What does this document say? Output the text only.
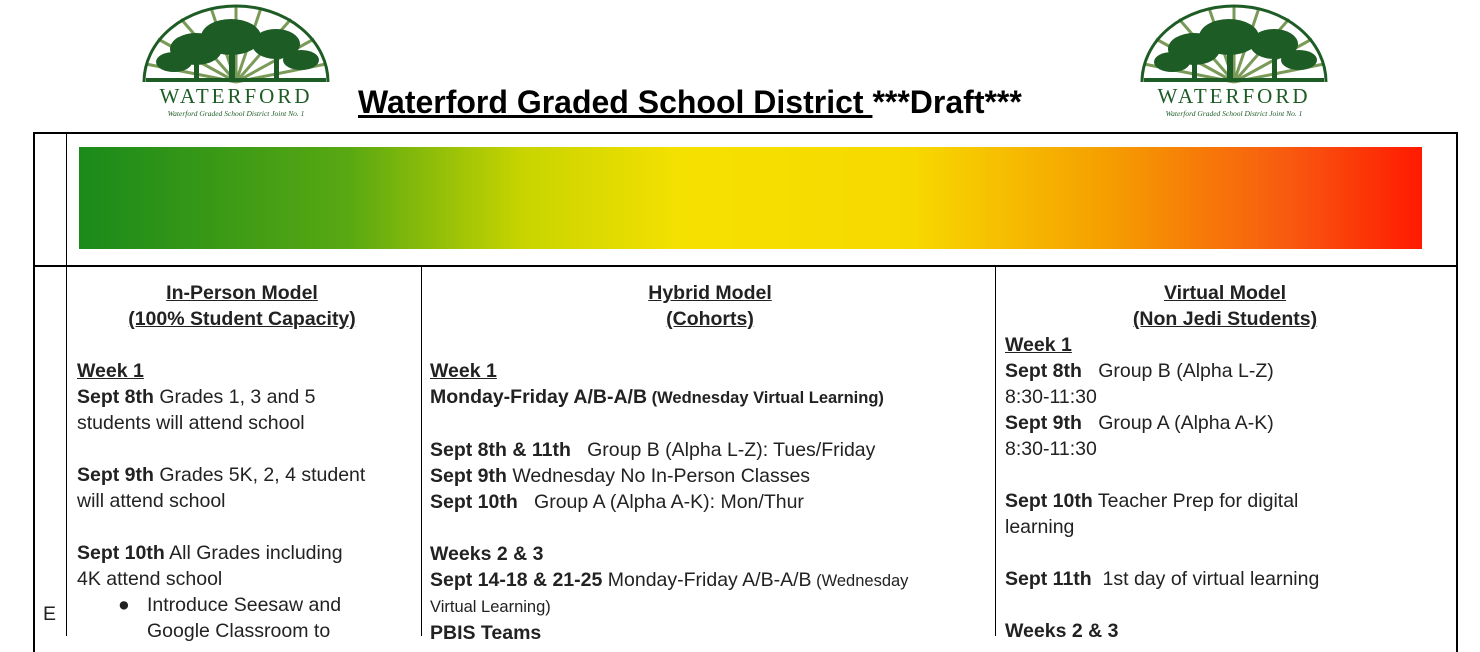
WATERFORD
Waterford Graded School District Joint No. 1
WATERFORD
Waterford Graded School District Joint No. 1
Waterford Graded School District ***Draft***
E
In-Person Model
(100% Student Capacity)
Week 1
Sept 8th Grades 1, 3 and 5
students will attend school
Sept 9th Grades 5K, 2, 4 student
will attend school
Sept 10th All Grades including
4K attend school
● Introduce Seesaw and
Google Classroom to
Hybrid Model
(Cohorts)
Week 1
Monday-Friday A/B-A/B (Wednesday Virtual Learning)
Sept 8th & 11th   Group B (Alpha L-Z): Tues/Friday
Sept 9th Wednesday No In-Person Classes
Sept 10th   Group A (Alpha A-K): Mon/Thur
Weeks 2 & 3
Sept 14-18 & 21-25 Monday-Friday A/B-A/B (Wednesday
Virtual Learning)
PBIS Teams
Virtual Model
(Non Jedi Students)
Week 1
Sept 8th   Group B (Alpha L-Z)
8:30-11:30
Sept 9th   Group A (Alpha A-K)
8:30-11:30
Sept 10th Teacher Prep for digital
learning
Sept 11th  1st day of virtual learning
Weeks 2 & 3
